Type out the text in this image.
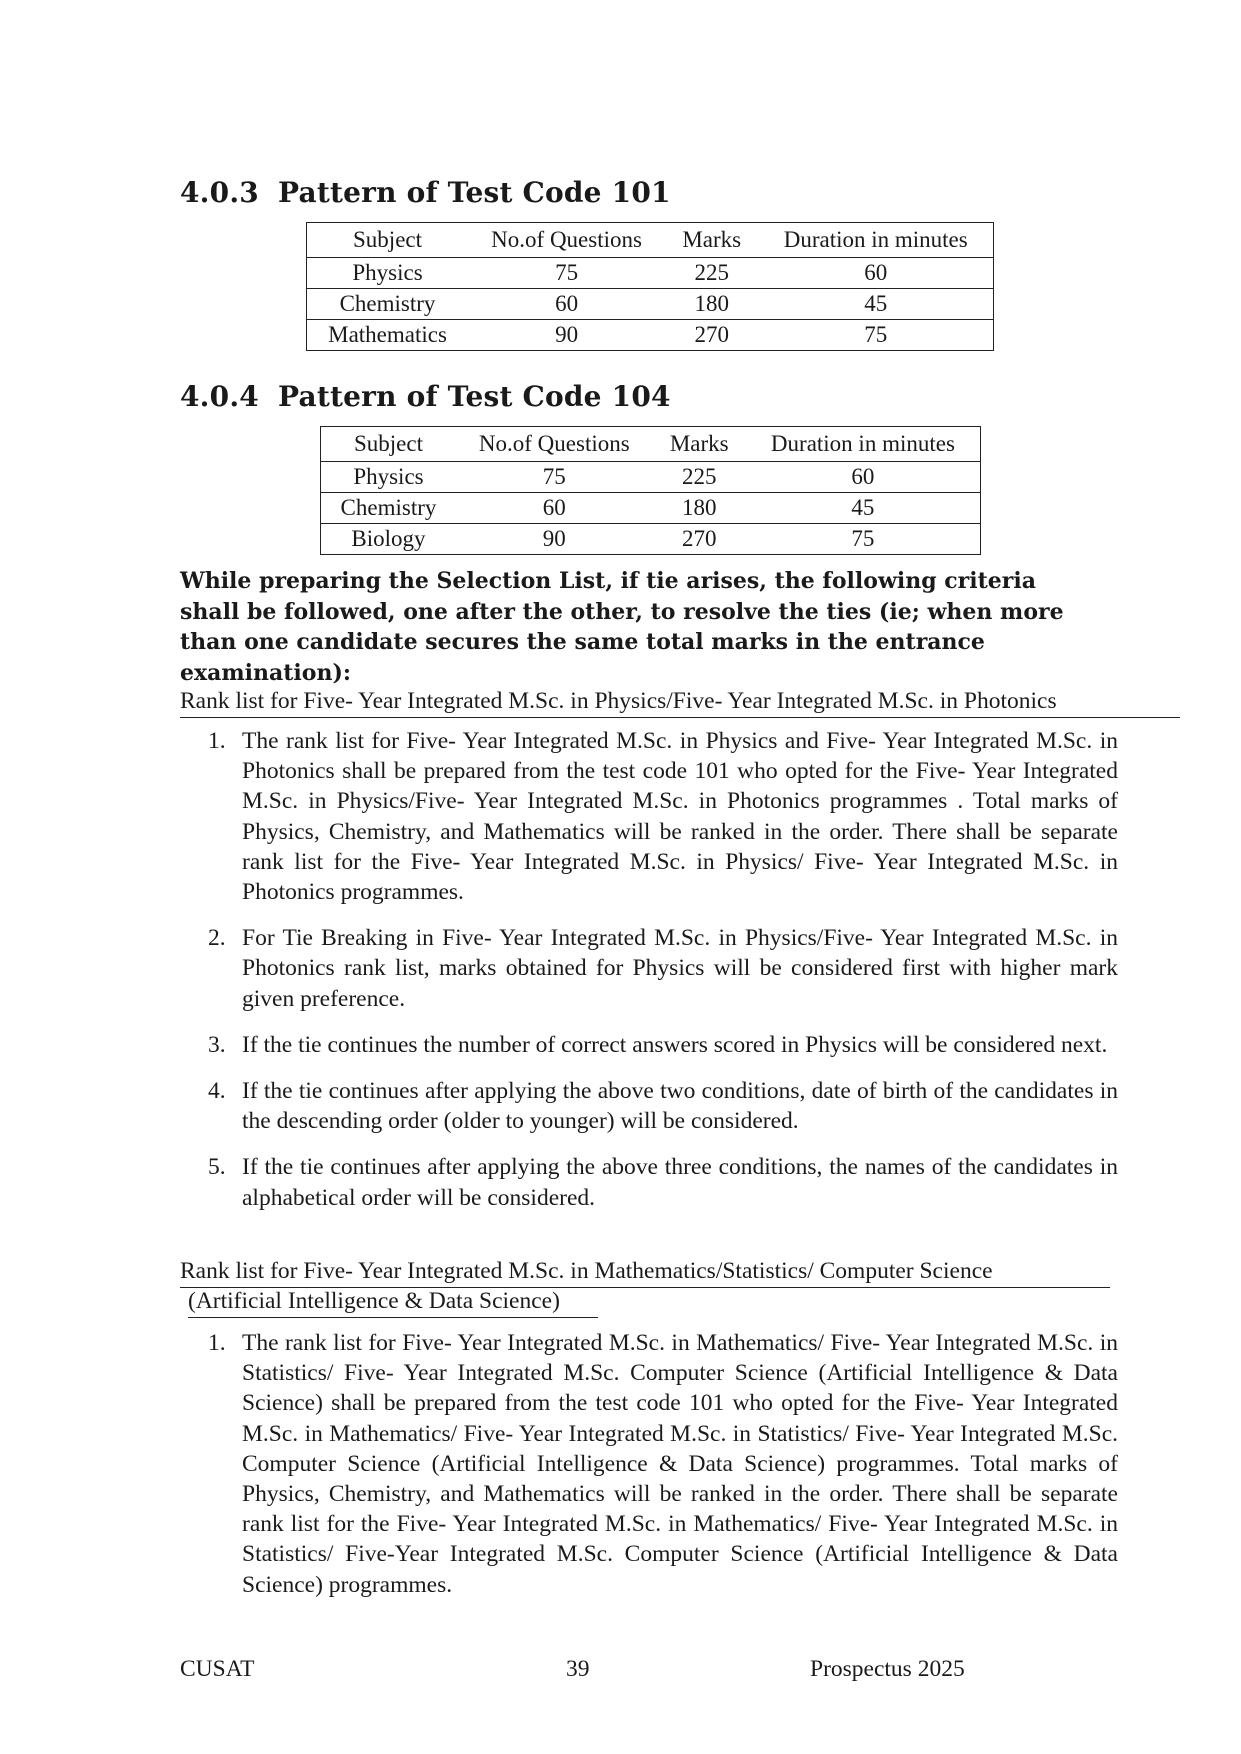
4.0.3 Pattern of Test Code 101
Subject	No.of Questions	Marks	Duration in minutes
Physics	75	225	60
Chemistry	60	180	45
Mathematics	90	270	75
4.0.4 Pattern of Test Code 104
Subject	No.of Questions	Marks	Duration in minutes
Physics	75	225	60
Chemistry	60	180	45
Biology	90	270	75
While preparing the Selection List, if tie arises, the following criteria shall be followed, one after the other, to resolve the ties (ie; when more than one candidate secures the same total marks in the entrance examination):
Rank list for Five- Year Integrated M.Sc. in Physics/Five- Year Integrated M.Sc. in Photonics
1. The rank list for Five- Year Integrated M.Sc. in Physics and Five- Year Integrated M.Sc. in Photonics shall be prepared from the test code 101 who opted for the Five- Year Integrated M.Sc. in Physics/Five- Year Integrated M.Sc. in Photonics programmes . Total marks of Physics, Chemistry, and Mathematics will be ranked in the order. There shall be separate rank list for the Five- Year Integrated M.Sc. in Physics/ Five- Year Integrated M.Sc. in Photonics programmes.
2. For Tie Breaking in Five- Year Integrated M.Sc. in Physics/Five- Year Integrated M.Sc. in Photonics rank list, marks obtained for Physics will be considered first with higher mark given preference.
3. If the tie continues the number of correct answers scored in Physics will be considered next.
4. If the tie continues after applying the above two conditions, date of birth of the candidates in the descending order (older to younger) will be considered.
5. If the tie continues after applying the above three conditions, the names of the candidates in alphabetical order will be considered.
Rank list for Five- Year Integrated M.Sc. in Mathematics/Statistics/ Computer Science
(Artificial Intelligence & Data Science)
1. The rank list for Five- Year Integrated M.Sc. in Mathematics/ Five- Year Integrated M.Sc. in Statistics/ Five- Year Integrated M.Sc. Computer Science (Artificial Intelligence & Data Science) shall be prepared from the test code 101 who opted for the Five- Year Integrated M.Sc. in Mathematics/ Five- Year Integrated M.Sc. in Statistics/ Five- Year Integrated M.Sc. Computer Science (Artificial Intelligence & Data Science) programmes. Total marks of Physics, Chemistry, and Mathematics will be ranked in the order. There shall be separate rank list for the Five- Year Integrated M.Sc. in Mathematics/ Five- Year Integrated M.Sc. in Statistics/ Five-Year Integrated M.Sc. Computer Science (Artificial Intelligence & Data Science) programmes.
CUSAT	39	Prospectus 2025
